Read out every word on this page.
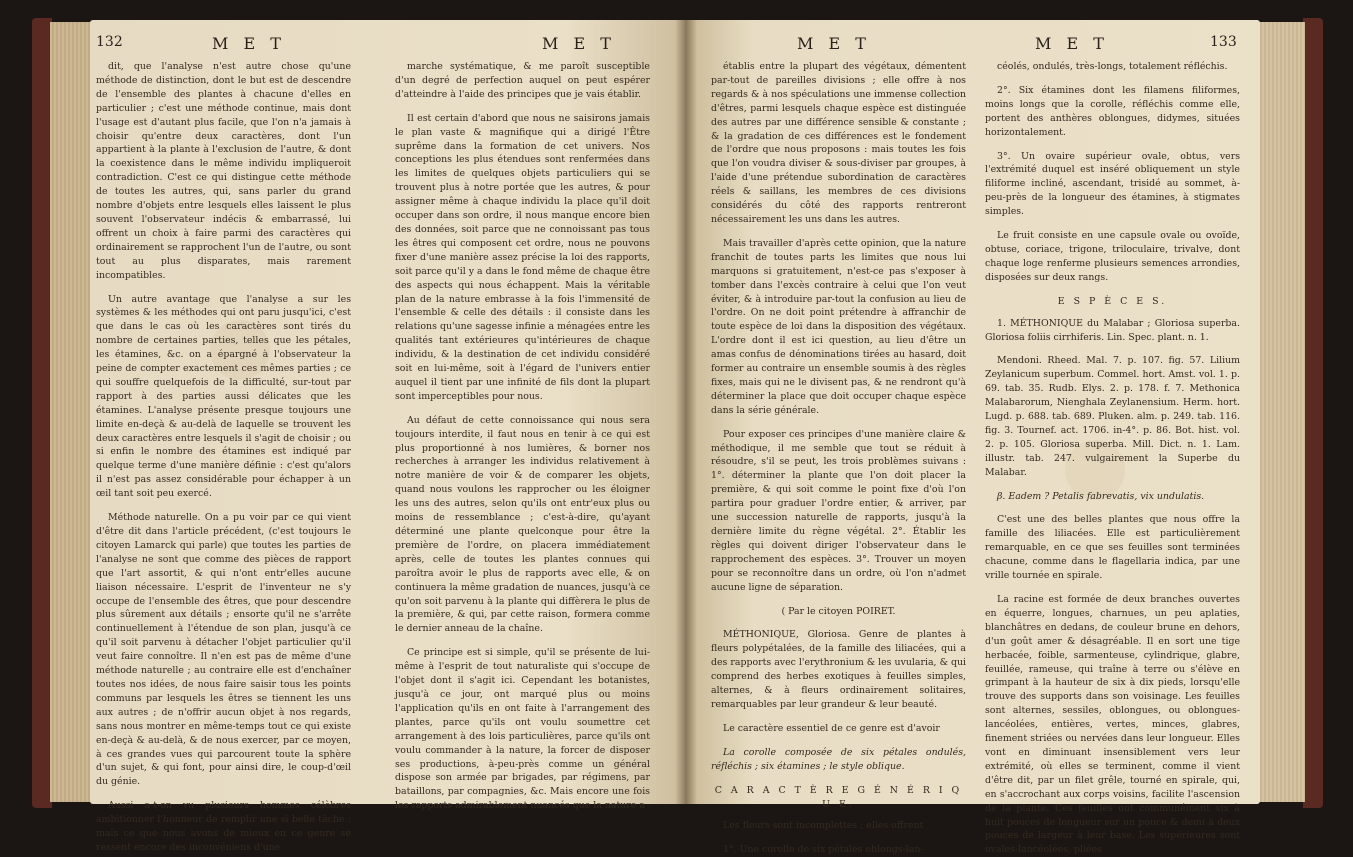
132	M E T	M E T

dit, que l'analyse n'est autre chose qu'une méthode de distinction, dont le but est de descendre de l'ensemble des plantes à chacune d'elles en particulier ; c'est une méthode continue, mais dont l'usage est d'autant plus facile, que l'on n'a jamais à choisir qu'entre deux caractères, dont l'un appartient à la plante à l'exclusion de l'autre, & dont la coexistence dans le même individu impliqueroit contradiction. C'est ce qui distingue cette méthode de toutes les autres, qui, sans parler du grand nombre d'objets entre lesquels elles laissent le plus souvent l'observateur indécis & embarrassé, lui offrent un choix à faire parmi des caractères qui ordinairement se rapprochent l'un de l'autre, ou sont tout au plus disparates, mais rarement incompatibles.

Un autre avantage que l'analyse a sur les systèmes & les méthodes qui ont paru jusqu'ici, c'est que dans le cas où les caractères sont tirés du nombre de certaines parties, telles que les pétales, les étamines, &c. on a épargné à l'observateur la peine de compter exactement ces mêmes parties ; ce qui souffre quelquefois de la difficulté, sur-tout par rapport à des parties aussi délicates que les étamines. L'analyse présente presque toujours une limite en-deçà & au-delà de laquelle se trouvent les deux caractères entre lesquels il s'agit de choisir ; ou si enfin le nombre des étamines est indiqué par quelque terme d'une manière définie : c'est qu'alors il n'est pas assez considérable pour échapper à un œil tant soit peu exercé.

Méthode naturelle. On a pu voir par ce qui vient d'être dit dans l'article précédent, (c'est toujours le citoyen Lamarck qui parle) que toutes les parties de l'analyse ne sont que comme des pièces de rapport que l'art assortit, & qui n'ont entr'elles aucune liaison nécessaire. L'esprit de l'inventeur ne s'y occupe de l'ensemble des êtres, que pour descendre plus sûrement aux détails ; ensorte qu'il ne s'arrête continuellement à l'étendue de son plan, jusqu'à ce qu'il soit parvenu à détacher l'objet particulier qu'il veut faire connoître. Il n'en est pas de même d'une méthode naturelle ; au contraire elle est d'enchaîner toutes nos idées, de nous faire saisir tous les points communs par lesquels les êtres se tiennent les uns aux autres ; de n'offrir aucun objet à nos regards, sans nous montrer en même-temps tout ce qui existe en-deçà & au-delà, & de nous exercer, par ce moyen, à ces grandes vues qui parcourent toute la sphère d'un sujet, & qui font, pour ainsi dire, le coup-d'œil du génie.

Aussi a-t-on vu plusieurs hommes célèbres ambitionner l'honneur de remplir une si belle tâche : mais ce que nous avons de mieux en ce genre se ressent encore des inconvéniens d'une

marche systématique, & me paroît susceptible d'un degré de perfection auquel on peut espérer d'atteindre à l'aide des principes que je vais établir.

Il est certain d'abord que nous ne saisirons jamais le plan vaste & magnifique qui a dirigé l'Être suprême dans la formation de cet univers. Nos conceptions les plus étendues sont renfermées dans les limites de quelques objets particuliers qui se trouvent plus à notre portée que les autres, & pour assigner même à chaque individu la place qu'il doit occuper dans son ordre, il nous manque encore bien des données, soit parce que ne connoissant pas tous les êtres qui composent cet ordre, nous ne pouvons fixer d'une manière assez précise la loi des rapports, soit parce qu'il y a dans le fond même de chaque être des aspects qui nous échappent. Mais la véritable plan de la nature embrasse à la fois l'immensité de l'ensemble & celle des détails : il consiste dans les relations qu'une sagesse infinie a ménagées entre les qualités tant extérieures qu'intérieures de chaque individu, & la destination de cet individu considéré soit en lui-même, soit à l'égard de l'univers entier auquel il tient par une infinité de fils dont la plupart sont imperceptibles pour nous.

Au défaut de cette connoissance qui nous sera toujours interdite, il faut nous en tenir à ce qui est plus proportionné à nos lumières, & borner nos recherches à arranger les individus relativement à notre manière de voir & de comparer les objets, quand nous voulons les rapprocher ou les éloigner les uns des autres, selon qu'ils ont entr'eux plus ou moins de ressemblance ; c'est-à-dire, qu'ayant déterminé une plante quelconque pour être la première de l'ordre, on placera immédiatement après, celle de toutes les plantes connues qui paroîtra avoir le plus de rapports avec elle, & on continuera la même gradation de nuances, jusqu'à ce qu'on soit parvenu à la plante qui diffèrera le plus de la première, & qui, par cette raison, formera comme le dernier anneau de la chaîne.

Ce principe est si simple, qu'il se présente de lui-même à l'esprit de tout naturaliste qui s'occupe de l'objet dont il s'agit ici. Cependant les botanistes, jusqu'à ce jour, ont marqué plus ou moins l'application qu'ils en ont faite à l'arrangement des plantes, parce qu'ils ont voulu soumettre cet arrangement à des lois particulières, parce qu'ils ont voulu commander à la nature, la forcer de disposer ses productions, à-peu-près comme un général dispose son armée par brigades, par régimens, par bataillons, par compagnies, &c. Mais encore une fois les rapports admirablement nuancés que la nature a

M E T	M E T	133

établis entre la plupart des végétaux, démentent par-tout de pareilles divisions ; elle offre à nos regards & à nos spéculations une immense collection d'êtres, parmi lesquels chaque espèce est distinguée des autres par une différence sensible & constante ; & la gradation de ces différences est le fondement de l'ordre que nous proposons : mais toutes les fois que l'on voudra diviser & sous-diviser par groupes, à l'aide d'une prétendue subordination de caractères réels & saillans, les membres de ces divisions considérés du côté des rapports rentreront nécessairement les uns dans les autres.

Mais travailler d'après cette opinion, que la nature franchit de toutes parts les limites que nous lui marquons si gratuitement, n'est-ce pas s'exposer à tomber dans l'excès contraire à celui que l'on veut éviter, & à introduire par-tout la confusion au lieu de l'ordre. On ne doit point prétendre à affranchir de toute espèce de loi dans la disposition des végétaux. L'ordre dont il est ici question, au lieu d'être un amas confus de dénominations tirées au hasard, doit former au contraire un ensemble soumis à des règles fixes, mais qui ne le divisent pas, & ne rendront qu'à déterminer la place que doit occuper chaque espèce dans la série générale.

Pour exposer ces principes d'une manière claire & méthodique, il me semble que tout se réduit à résoudre, s'il se peut, les trois problèmes suivans : 1°. déterminer la plante que l'on doit placer la première, & qui soit comme le point fixe d'où l'on partira pour graduer l'ordre entier, & arriver, par une succession naturelle de rapports, jusqu'à la dernière limite du règne végétal. 2°. Établir les règles qui doivent diriger l'observateur dans le rapprochement des espèces. 3°. Trouver un moyen pour se reconnoître dans un ordre, où l'on n'admet aucune ligne de séparation.

( Par le citoyen POIRET.

MÉTHONIQUE, Gloriosa. Genre de plantes à fleurs polypétalées, de la famille des liliacées, qui a des rapports avec l'erythronium & les uvularia, & qui comprend des herbes exotiques à feuilles simples, alternes, & à fleurs ordinairement solitaires, remarquables par leur grandeur & leur beauté.

Le caractère essentiel de ce genre est d'avoir

La corolle composée de six pétales ondulés, réfléchis ; six étamines ; le style oblique.

C A R A C T È R E G É N É R I Q U E.

Les fleurs sont incomplettes ; elles offrent

1°. Une corolle de six pétales oblongs-lan-

céolés, ondulés, très-longs, totalement réfléchis.

2°. Six étamines dont les filamens filiformes, moins longs que la corolle, réfléchis comme elle, portent des anthères oblongues, didymes, situées horizontalement.

3°. Un ovaire supérieur ovale, obtus, vers l'extrémité duquel est inséré obliquement un style filiforme incliné, ascendant, trisidé au sommet, à-peu-près de la longueur des étamines, à stigmates simples.

Le fruit consiste en une capsule ovale ou ovoïde, obtuse, coriace, trigone, triloculaire, trivalve, dont chaque loge renferme plusieurs semences arrondies, disposées sur deux rangs.

E S P È C E S.

1. MÉTHONIQUE du Malabar ; Gloriosa superba. Gloriosa foliis cirrhiferis. Lin. Spec. plant. n. 1.

Mendoni. Rheed. Mal. 7. p. 107. fig. 57. Lilium Zeylanicum superbum. Commel. hort. Amst. vol. 1. p. 69. tab. 35. Rudb. Elys. 2. p. 178. f. 7. Methonica Malabarorum, Nienghala Zeylanensium. Herm. hort. Lugd. p. 688. tab. 689. Pluken. alm. p. 249. tab. 116. fig. 3. Tournef. act. 1706. in-4°. p. 86. Bot. hist. vol. 2. p. 105. Gloriosa superba. Mill. Dict. n. 1. Lam. illustr. tab. 247. vulgairement la Superbe du Malabar.

β. Eadem ? Petalis fabrevatis, vix undulatis.

C'est une des belles plantes que nous offre la famille des liliacées. Elle est particulièrement remarquable, en ce que ses feuilles sont terminées chacune, comme dans le flagellaria indica, par une vrille tournée en spirale.

La racine est formée de deux branches ouvertes en équerre, longues, charnues, un peu aplaties, blanchâtres en dedans, de couleur brune en dehors, d'un goût amer & désagréable. Il en sort une tige herbacée, foible, sarmenteuse, cylindrique, glabre, feuillée, rameuse, qui traîne à terre ou s'élève en grimpant à la hauteur de six à dix pieds, lorsqu'elle trouve des supports dans son voisinage. Les feuilles sont alternes, sessiles, oblongues, ou oblongues-lancéolées, entières, vertes, minces, glabres, finement striées ou nervées dans leur longueur. Elles vont en diminuant insensiblement vers leur extrémité, où elles se terminent, comme il vient d'être dit, par un filet grêle, tourné en spirale, qui, en s'accrochant aux corps voisins, facilite l'ascension de la plante. Ces feuilles ont communément six à huit pouces de longueur sur un pouce & demi à deux pouces de largeur à leur base. Les supérieures sont ovales-lancéolées, pliées
